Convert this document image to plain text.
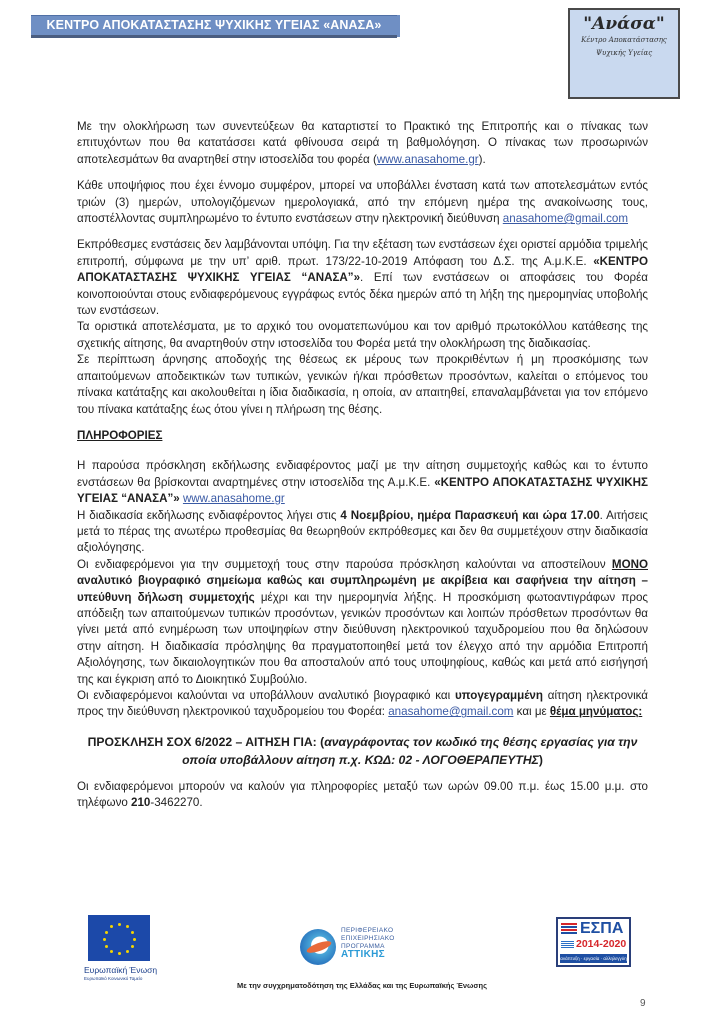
ΚΕΝΤΡΟ ΑΠΟΚΑΤΑΣΤΑΣΗΣ ΨΥΧΙΚΗΣ ΥΓΕΙΑΣ «ΑΝΑΣΑ»	"Ανάσα"
Κέντρο Αποκατάστασης
Ψυχικής Υγείας

Με την ολοκλήρωση των συνεντεύξεων θα καταρτιστεί το Πρακτικό της Επιτροπής και ο πίνακας των επιτυχόντων που θα κατατάσσει κατά φθίνουσα σειρά τη βαθμολόγηση. Ο πίνακας των προσωρινών αποτελεσμάτων θα αναρτηθεί στην ιστοσελίδα του φορέα (www.anasahome.gr).

Κάθε υποψήφιος που έχει έννομο συμφέρον, μπορεί να υποβάλλει ένσταση κατά των αποτελεσμάτων εντός τριών (3) ημερών, υπολογιζόμενων ημερολογιακά, από την επόμενη ημέρα της ανακοίνωσης τους, αποστέλλοντας συμπληρωμένο το έντυπο ενστάσεων στην ηλεκτρονική διεύθυνση anasahome@gmail.com

Εκπρόθεσμες ενστάσεις δεν λαμβάνονται υπόψη. Για την εξέταση των ενστάσεων έχει οριστεί αρμόδια τριμελής επιτροπή, σύμφωνα με την υπ’ αριθ. πρωτ. 173/22-10-2019 Απόφαση του Δ.Σ. της Α.μ.Κ.Ε. «ΚΕΝΤΡΟ ΑΠΟΚΑΤΑΣΤΑΣΗΣ ΨΥΧΙΚΗΣ ΥΓΕΙΑΣ “ΑΝΑΣΑ”». Επί των ενστάσεων οι αποφάσεις του Φορέα κοινοποιούνται στους ενδιαφερόμενους εγγράφως εντός δέκα ημερών από τη λήξη της ημερομηνίας υποβολής των ενστάσεων.

Τα οριστικά αποτελέσματα, με το αρχικό του ονοματεπωνύμου και τον αριθμό πρωτοκόλλου κατάθεσης της σχετικής αίτησης, θα αναρτηθούν στην ιστοσελίδα του Φορέα μετά την ολοκλήρωση της διαδικασίας.

Σε περίπτωση άρνησης αποδοχής της θέσεως εκ μέρους των προκριθέντων ή μη προσκόμισης των απαιτούμενων αποδεικτικών των τυπικών, γενικών ή/και πρόσθετων προσόντων, καλείται ο επόμενος του πίνακα κατάταξης και ακολουθείται η ίδια διαδικασία, η οποία, αν απαιτηθεί, επαναλαμβάνεται για τον επόμενο του πίνακα κατάταξης έως ότου γίνει η πλήρωση της θέσης.

ΠΛΗΡΟΦΟΡΙΕΣ

Η παρούσα πρόσκληση εκδήλωσης ενδιαφέροντος μαζί με την αίτηση συμμετοχής καθώς και το έντυπο ενστάσεων θα βρίσκονται αναρτημένες στην ιστοσελίδα της Α.μ.Κ.Ε. «ΚΕΝΤΡΟ ΑΠΟΚΑΤΑΣΤΑΣΗΣ ΨΥΧΙΚΗΣ ΥΓΕΙΑΣ “ΑΝΑΣΑ”» www.anasahome.gr

Η διαδικασία εκδήλωσης ενδιαφέροντος λήγει στις 4 Νοεμβρίου, ημέρα Παρασκευή και ώρα 17.00. Αιτήσεις μετά το πέρας της ανωτέρω προθεσμίας θα θεωρηθούν εκπρόθεσμες και δεν θα συμμετέχουν στην διαδικασία αξιολόγησης.

Οι ενδιαφερόμενοι για την συμμετοχή τους στην παρούσα πρόσκληση καλούνται να αποστείλουν ΜΟΝΟ αναλυτικό βιογραφικό σημείωμα καθώς και συμπληρωμένη με ακρίβεια και σαφήνεια την αίτηση – υπεύθυνη δήλωση συμμετοχής μέχρι και την ημερομηνία λήξης. Η προσκόμιση φωτοαντιγράφων προς απόδειξη των απαιτούμενων τυπικών προσόντων, γενικών προσόντων και λοιπών πρόσθετων προσόντων θα γίνει μετά από ενημέρωση των υποψηφίων στην διεύθυνση ηλεκτρονικού ταχυδρομείου που θα δηλώσουν στην αίτηση. Η διαδικασία πρόσληψης θα πραγματοποιηθεί μετά τον έλεγχο από την αρμόδια Επιτροπή Αξιολόγησης, των δικαιολογητικών που θα αποσταλούν από τους υποψηφίους, καθώς και μετά από εισήγησή της και έγκριση από το Διοικητικό Συμβούλιο.

Οι ενδιαφερόμενοι καλούνται να υποβάλλουν αναλυτικό βιογραφικό και υπογεγραμμένη αίτηση ηλεκτρονικά προς την διεύθυνση ηλεκτρονικού ταχυδρομείου του Φορέα: anasahome@gmail.com και με θέμα μηνύματος:

ΠΡΟΣΚΛΗΣΗ ΣΟΧ 6/2022 – ΑΙΤΗΣΗ ΓΙΑ: (αναγράφοντας τον κωδικό της θέσης εργασίας για την οποία υποβάλλουν αίτηση π.χ. ΚΩΔ: 02 - ΛΟΓΟΘΕΡΑΠΕΥΤΗΣ)

Οι ενδιαφερόμενοι μπορούν να καλούν για πληροφορίες μεταξύ των ωρών 09.00 π.μ. έως 15.00 μ.μ. στο τηλέφωνο 210-3462270.

Ευρωπαϊκή Ένωση
Ευρωπαϊκό Κοινωνικό Ταμείο
ΠΕΡΙΦΕΡΕΙΑΚΟ
ΕΠΙΧΕΙΡΗΣΙΑΚΟ
ΠΡΟΓΡΑΜΜΑ
ΑΤΤΙΚΗΣ
ΕΣΠΑ
2014-2020
ανάπτυξη · εργασία · αλληλεγγύη
Με την συγχρηματοδότηση της Ελλάδας και της Ευρωπαϊκής Ένωσης
9
